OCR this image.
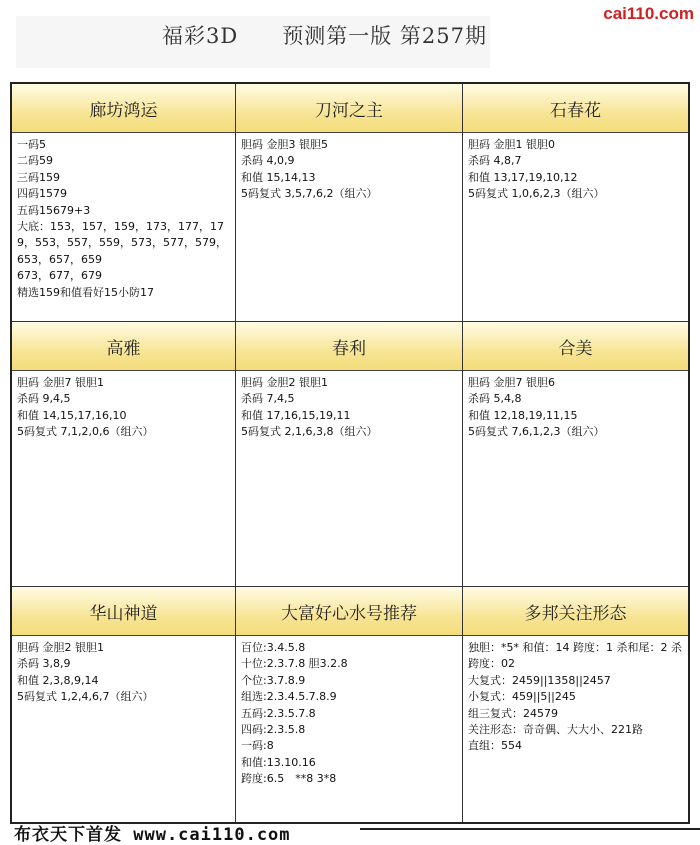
福彩3D　　预测第一版 第257期
cai110.com
廊坊鸿运
一码5
二码59
三码159
四码1579
五码15679+3
大底：153，157，159，173，177，179，553，557，559，573，577，579，653，657，659
673，677，679
精选159和值看好15小防17
刀河之主
胆码 金胆3 银胆5
杀码 4,0,9
和值 15,14,13
5码复式 3,5,7,6,2（组六）
石春花
胆码 金胆1 银胆0
杀码 4,8,7
和值 13,17,19,10,12
5码复式 1,0,6,2,3（组六）
高雅
胆码 金胆7 银胆1
杀码 9,4,5
和值 14,15,17,16,10
5码复式 7,1,2,0,6（组六）
春利
胆码 金胆2 银胆1
杀码 7,4,5
和值 17,16,15,19,11
5码复式 2,1,6,3,8（组六）
合美
胆码 金胆7 银胆6
杀码 5,4,8
和值 12,18,19,11,15
5码复式 7,6,1,2,3（组六）
华山神道
胆码 金胆2 银胆1
杀码 3,8,9
和值 2,3,8,9,14
5码复式 1,2,4,6,7（组六）
大富好心水号推荐
百位:3.4.5.8
十位:2.3.7.8 胆3.2.8
个位:3.7.8.9
组选:2.3.4.5.7.8.9
五码:2.3.5.7.8
四码:2.3.5.8
一码:8
和值:13.10.16
跨度:6.5　**8 3*8
多邦关注形态
独胆：*5* 和值：14 跨度：1 杀和尾：2 杀跨度：02
大复式：2459||1358||2457
小复式：459||5||245
组三复式：24579
关注形态：奇奇偶、大大小、221路
直组：554
布衣天下首发 www.cai110.com
